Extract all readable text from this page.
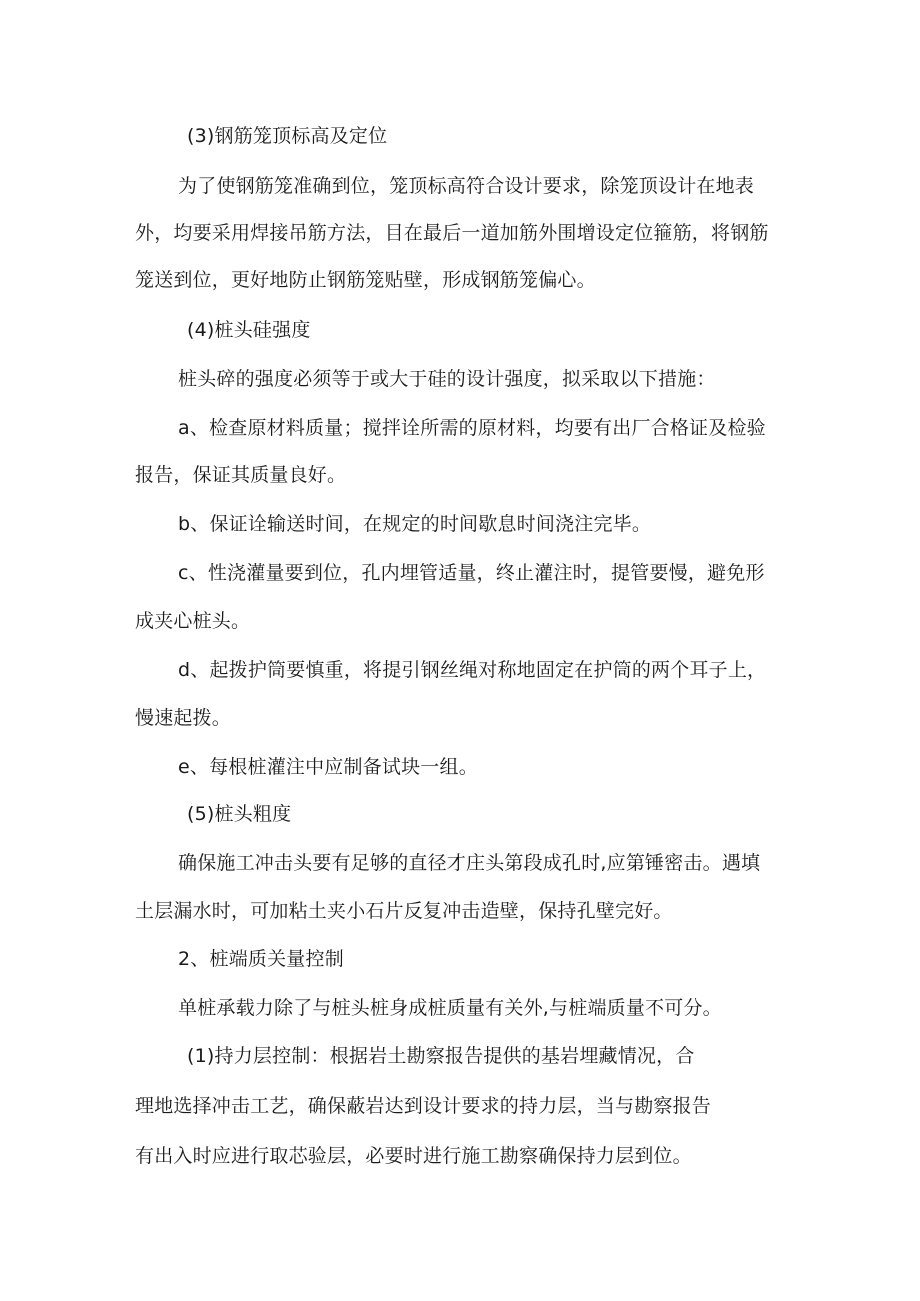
(3)钢筋笼顶标高及定位
为了使钢筋笼准确到位，笼顶标高符合设计要求，除笼顶设计在地表
外，均要采用焊接吊筋方法，目在最后一道加筋外围增设定位箍筋，将钢筋
笼送到位，更好地防止钢筋笼贴壁，形成钢筋笼偏心。
(4)桩头硅强度
桩头碎的强度必须等于或大于硅的设计强度，拟采取以下措施：
a、检查原材料质量；搅拌诠所需的原材料，均要有出厂合格证及检验
报告，保证其质量良好。
b、保证诠输送时间，在规定的时间歇息时间浇注完毕。
c、性浇灌量要到位，孔内埋管适量，终止灌注时，提管要慢，避免形
成夹心桩头。
d、起拨护筒要慎重，将提引钢丝绳对称地固定在护筒的两个耳子上，
慢速起拨。
e、每根桩灌注中应制备试块一组。
(5)桩头粗度
确保施工冲击头要有足够的直径才庄头第段成孔时,应第锤密击。遇填
土层漏水时，可加粘土夹小石片反复冲击造壁，保持孔壁完好。
2、桩端质关量控制
单桩承载力除了与桩头桩身成桩质量有关外,与桩端质量不可分。
(1)持力层控制：根据岩土勘察报告提供的基岩埋藏情况，合
理地选择冲击工艺，确保蔽岩达到设计要求的持力层，当与勘察报告
有出入时应进行取芯验层，必要时进行施工勘察确保持力层到位。
